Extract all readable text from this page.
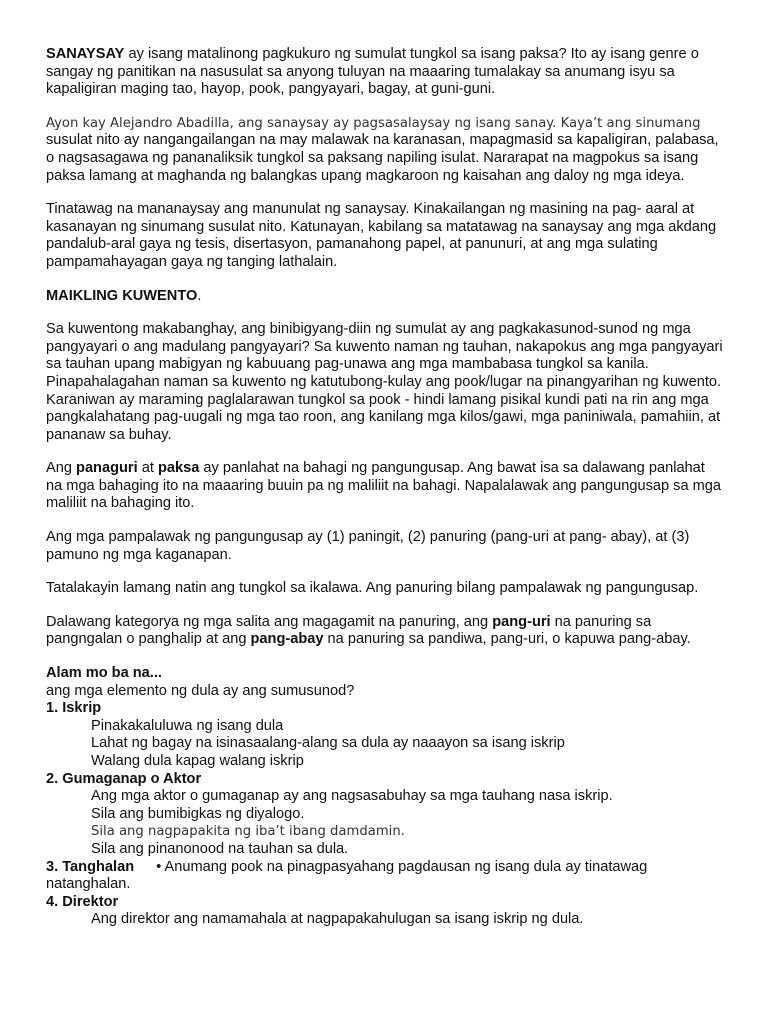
SANAYSAY ay isang matalinong pagkukuro ng sumulat tungkol sa isang paksa? Ito ay isang genre o sangay ng panitikan na nasusulat sa anyong tuluyan na maaaring tumalakay sa anumang isyu sa kapaligiran maging tao, hayop, pook, pangyayari, bagay, at guni-guni.

Ayon kay Alejandro Abadilla, ang sanaysay ay pagsasalaysay ng isang sanay. Kaya’t ang sinumang susulat nito ay nangangailangan na may malawak na karanasan, mapagmasid sa kapaligiran, palabasa, o nagsasagawa ng pananaliksik tungkol sa paksang napiling isulat. Nararapat na magpokus sa isang paksa lamang at maghanda ng balangkas upang magkaroon ng kaisahan ang daloy ng mga ideya.

Tinatawag na mananaysay ang manunulat ng sanaysay. Kinakailangan ng masining na pag- aaral at kasanayan ng sinumang susulat nito. Katunayan, kabilang sa matatawag na sanaysay ang mga akdang pandalub-aral gaya ng tesis, disertasyon, pamanahong papel, at panunuri, at ang mga sulating pampamahayagan gaya ng tanging lathalain.

MAIKLING KUWENTO.

Sa kuwentong makabanghay, ang binibigyang-diin ng sumulat ay ang pagkakasunod-sunod ng mga pangyayari o ang madulang pangyayari? Sa kuwento naman ng tauhan, nakapokus ang mga pangyayari sa tauhan upang mabigyan ng kabuuang pag-unawa ang mga mambabasa tungkol sa kanila. Pinapahalagahan naman sa kuwento ng katutubong-kulay ang pook/lugar na pinangyarihan ng kuwento. Karaniwan ay maraming paglalarawan tungkol sa pook - hindi lamang pisikal kundi pati na rin ang mga pangkalahatang pag-uugali ng mga tao roon, ang kanilang mga kilos/gawi, mga paniniwala, pamahiin, at pananaw sa buhay.

Ang panaguri at paksa ay panlahat na bahagi ng pangungusap. Ang bawat isa sa dalawang panlahat na mga bahaging ito na maaaring buuin pa ng maliliit na bahagi. Napalalawak ang pangungusap sa mga maliliit na bahaging ito.

Ang mga pampalawak ng pangungusap ay (1) paningit, (2) panuring (pang-uri at pang- abay), at (3) pamuno ng mga kaganapan.

Tatalakayin lamang natin ang tungkol sa ikalawa. Ang panuring bilang pampalawak ng pangungusap.

Dalawang kategorya ng mga salita ang magagamit na panuring, ang pang-uri na panuring sa pangngalan o panghalip at ang pang-abay na panuring sa pandiwa, pang-uri, o kapuwa pang-abay.

Alam mo ba na...

ang mga elemento ng dula ay ang sumusunod?

1. Iskrip

Pinakakaluluwa ng isang dula

Lahat ng bagay na isinasaalang-alang sa dula ay naaayon sa isang iskrip

Walang dula kapag walang iskrip

2. Gumaganap o Aktor

Ang mga aktor o gumaganap ay ang nagsasabuhay sa mga tauhang nasa iskrip.

Sila ang bumibigkas ng diyalogo.

Sila ang nagpapakita ng iba’t ibang damdamin.

Sila ang pinanonood na tauhan sa dula.

3. Tanghalan • Anumang pook na pinagpasyahang pagdausan ng isang dula ay tinatawag natanghalan.

4. Direktor

Ang direktor ang namamahala at nagpapakahulugan sa isang iskrip ng dula.
